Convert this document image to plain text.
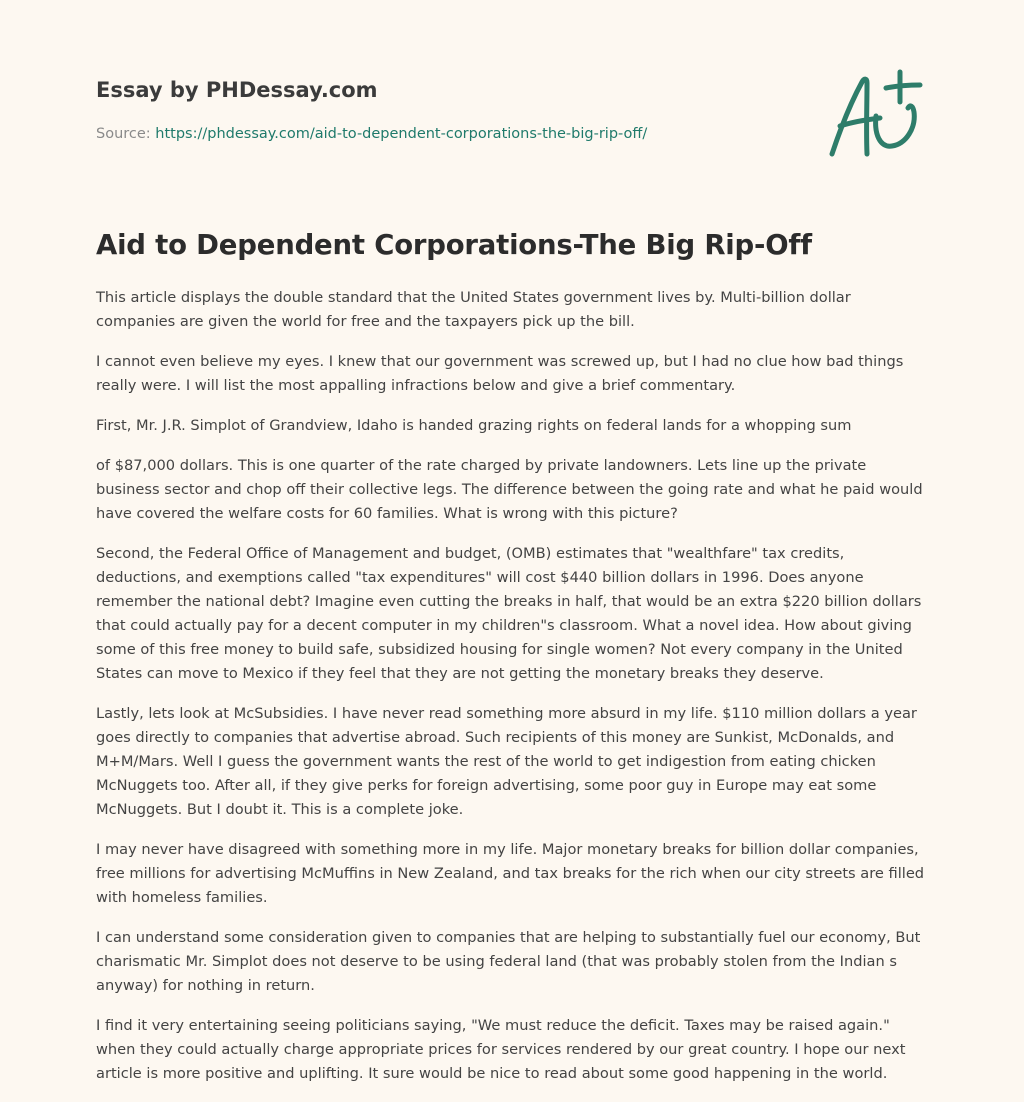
Essay by PHDessay.com
Source: https://phdessay.com/aid-to-dependent-corporations-the-big-rip-off/
Aid to Dependent Corporations-The Big Rip-Off

This article displays the double standard that the United States government lives by. Multi-billion dollar companies are given the world for free and the taxpayers pick up the bill.

I cannot even believe my eyes. I knew that our government was screwed up, but I had no clue how bad things really were. I will list the most appalling infractions below and give a brief commentary.

First, Mr. J.R. Simplot of Grandview, Idaho is handed grazing rights on federal lands for a whopping sum

of $87,000 dollars. This is one quarter of the rate charged by private landowners. Lets line up the private business sector and chop off their collective legs. The difference between the going rate and what he paid would have covered the welfare costs for 60 families. What is wrong with this picture?

Second, the Federal Office of Management and budget, (OMB) estimates that "wealthfare" tax credits, deductions, and exemptions called "tax expenditures" will cost $440 billion dollars in 1996. Does anyone remember the national debt? Imagine even cutting the breaks in half, that would be an extra $220 billion dollars that could actually pay for a decent computer in my children"s classroom. What a novel idea. How about giving some of this free money to build safe, subsidized housing for single women? Not every company in the United States can move to Mexico if they feel that they are not getting the monetary breaks they deserve.

Lastly, lets look at McSubsidies. I have never read something more absurd in my life. $110 million dollars a year goes directly to companies that advertise abroad. Such recipients of this money are Sunkist, McDonalds, and M+M/Mars. Well I guess the government wants the rest of the world to get indigestion from eating chicken McNuggets too. After all, if they give perks for foreign advertising, some poor guy in Europe may eat some McNuggets. But I doubt it. This is a complete joke.

I may never have disagreed with something more in my life. Major monetary breaks for billion dollar companies, free millions for advertising McMuffins in New Zealand, and tax breaks for the rich when our city streets are filled with homeless families.

I can understand some consideration given to companies that are helping to substantially fuel our economy, But charismatic Mr. Simplot does not deserve to be using federal land (that was probably stolen from the Indian s anyway) for nothing in return.

I find it very entertaining seeing politicians saying, "We must reduce the deficit. Taxes may be raised again." when they could actually charge appropriate prices for services rendered by our great country. I hope our next article is more positive and uplifting. It sure would be nice to read about some good happening in the world.
